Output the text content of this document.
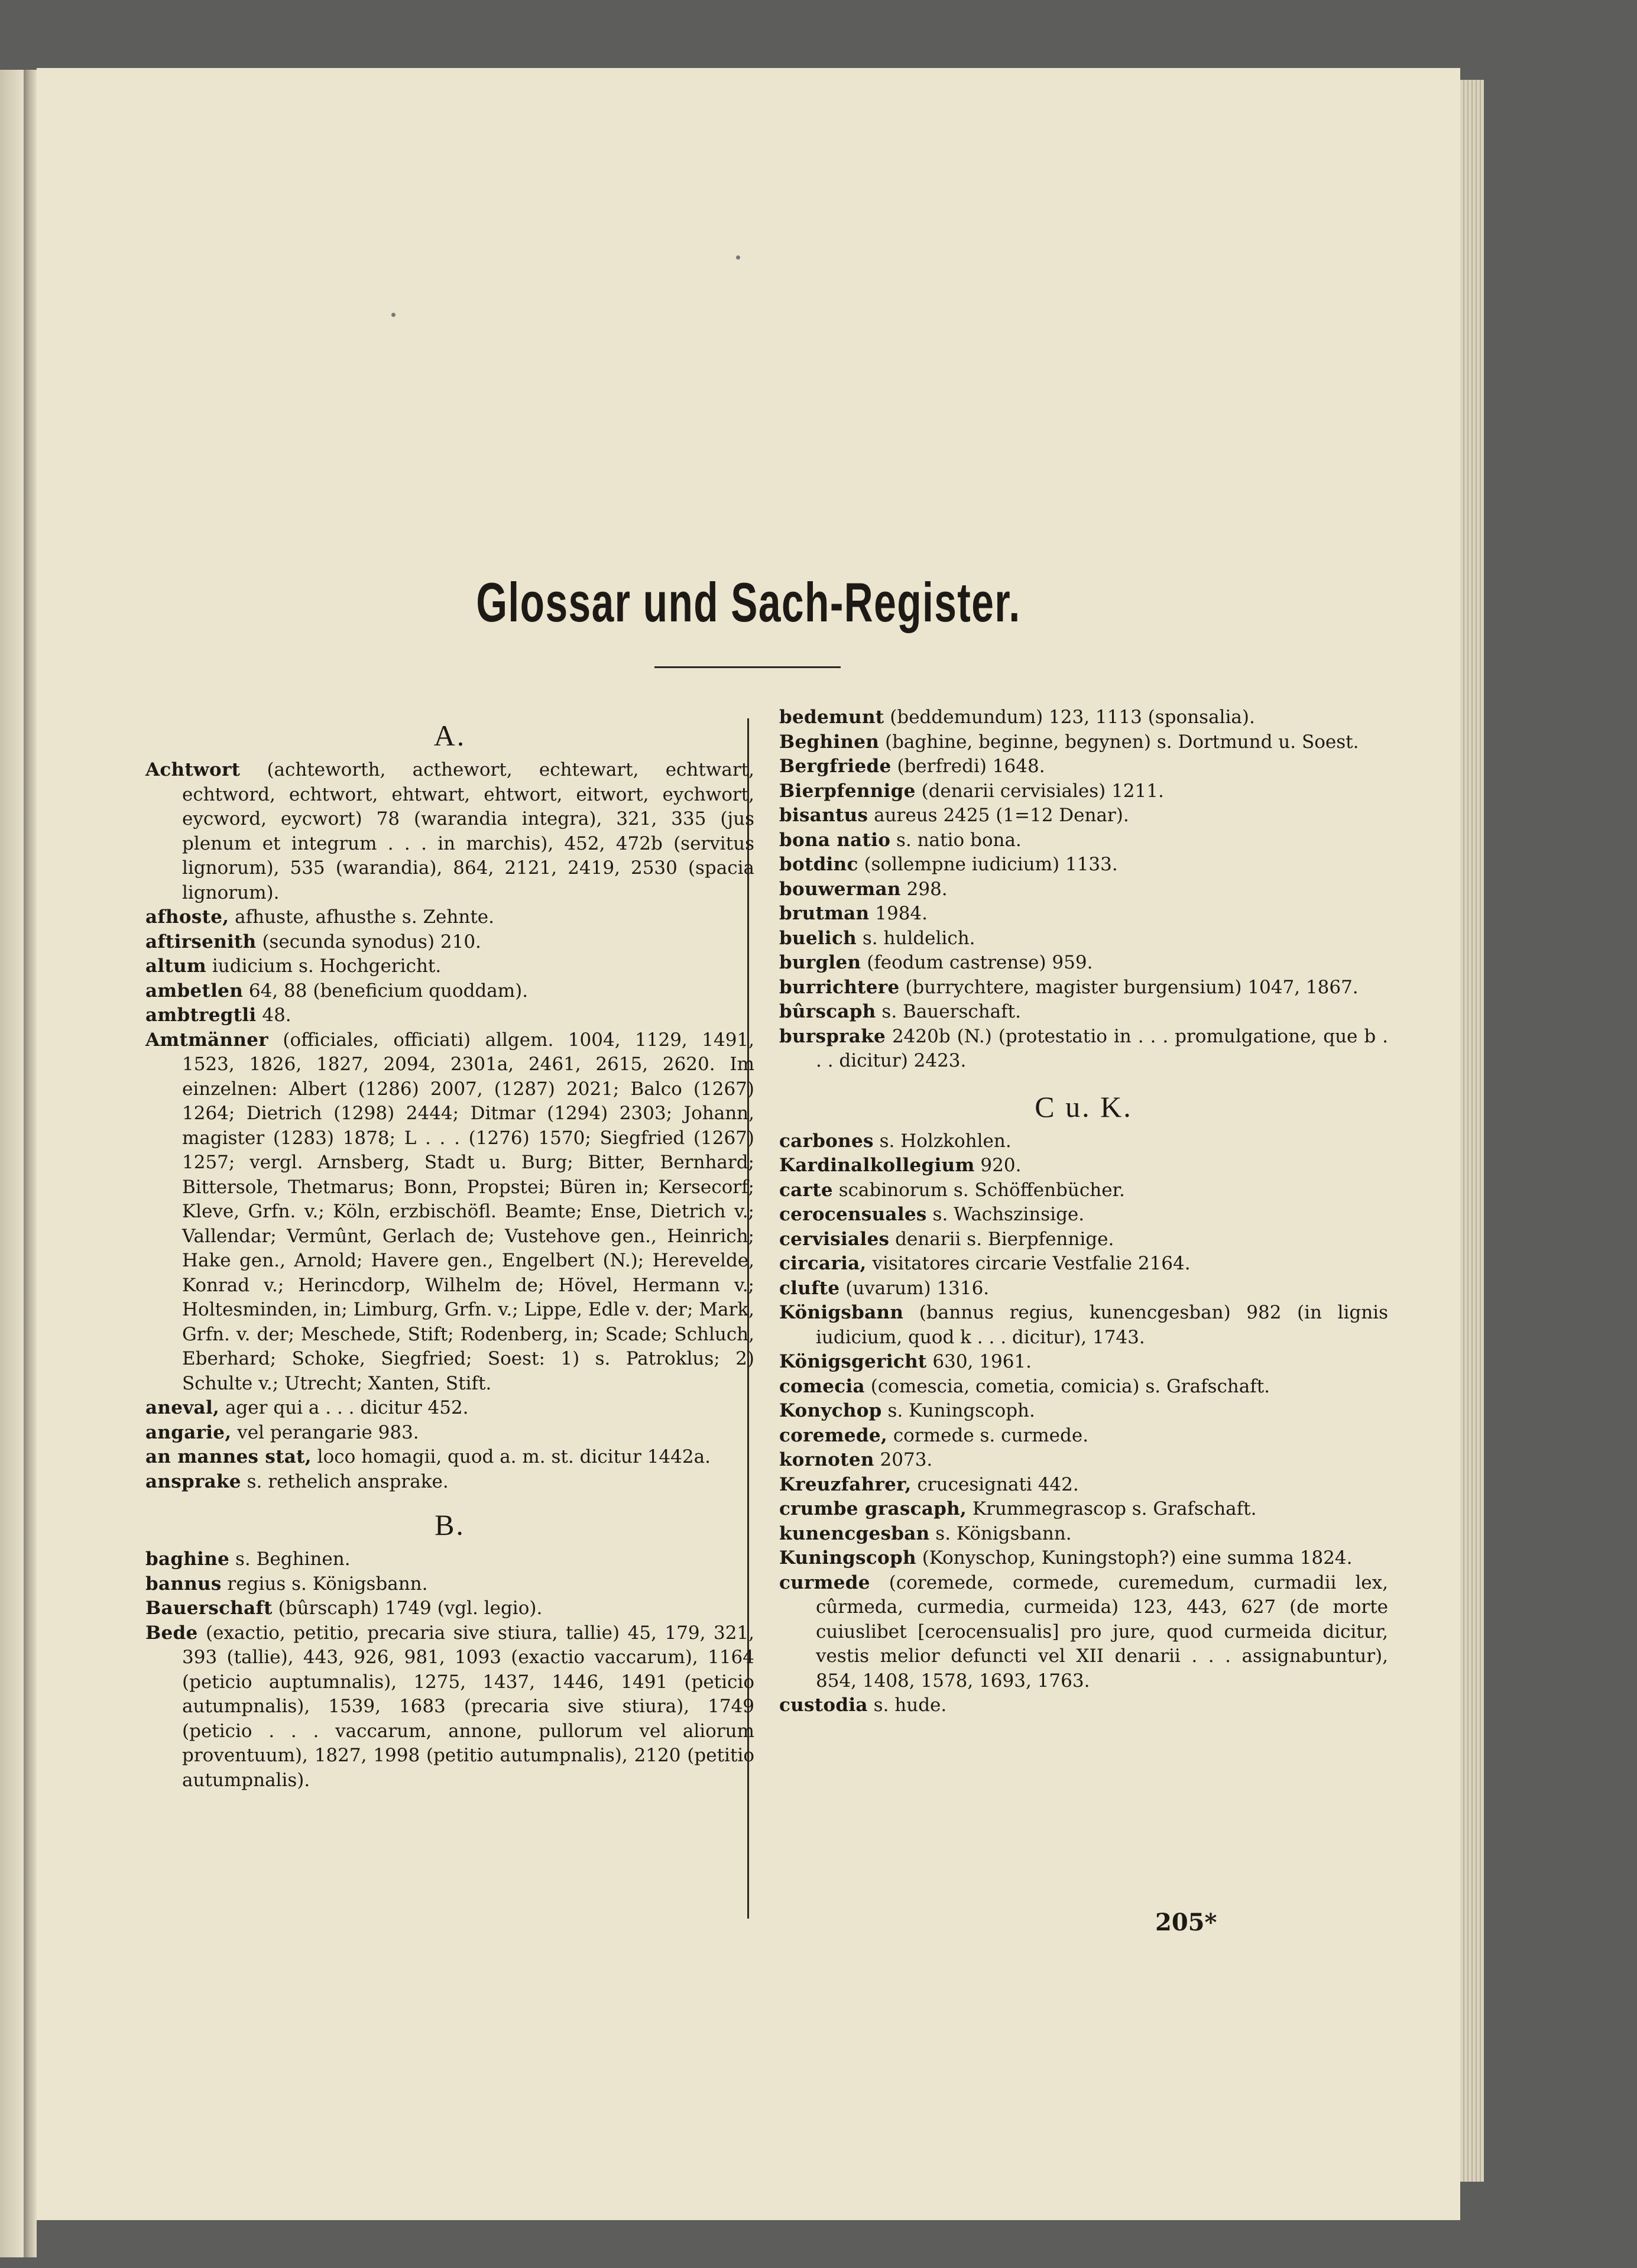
Glossar und Sach-Register.
A.

Achtwort (achteworth, acthewort, echtewart, echtwart, echtword, echtwort, ehtwart, ehtwort, eitwort, eychwort, eycword, eycwort) 78 (warandia integra), 321, 335 (jus plenum et integrum . . . in marchis), 452, 472b (servitus lignorum), 535 (warandia), 864, 2121, 2419, 2530 (spacia lignorum).

afhoste, afhuste, afhusthe s. Zehnte.

aftirsenith (secunda synodus) 210.

altum iudicium s. Hochgericht.

ambetlen 64, 88 (beneficium quoddam).

ambtregtli 48.

Amtmänner (officiales, officiati) allgem. 1004, 1129, 1491, 1523, 1826, 1827, 2094, 2301a, 2461, 2615, 2620. Im einzelnen: Albert (1286) 2007, (1287) 2021; Balco (1267) 1264; Dietrich (1298) 2444; Ditmar (1294) 2303; Johann, magister (1283) 1878; L . . . (1276) 1570; Siegfried (1267) 1257; vergl. Arnsberg, Stadt u. Burg; Bitter, Bernhard; Bittersole, Thetmarus; Bonn, Propstei; Büren in; Kersecorf; Kleve, Grfn. v.; Köln, erzbischöfl. Beamte; Ense, Dietrich v.; Vallendar; Vermûnt, Gerlach de; Vustehove gen., Heinrich; Hake gen., Arnold; Havere gen., Engelbert (N.); Herevelde, Konrad v.; Herincdorp, Wilhelm de; Hövel, Hermann v.; Holtesminden, in; Limburg, Grfn. v.; Lippe, Edle v. der; Mark, Grfn. v. der; Meschede, Stift; Rodenberg, in; Scade; Schluch, Eberhard; Schoke, Siegfried; Soest: 1) s. Patroklus; 2) Schulte v.; Utrecht; Xanten, Stift.

aneval, ager qui a . . . dicitur 452.

angarie, vel perangarie 983.

an mannes stat, loco homagii, quod a. m. st. dicitur 1442a.

ansprake s. rethelich ansprake.

B.

baghine s. Beghinen.

bannus regius s. Königsbann.

Bauerschaft (bûrscaph) 1749 (vgl. legio).

Bede (exactio, petitio, precaria sive stiura, tallie) 45, 179, 321, 393 (tallie), 443, 926, 981, 1093 (exactio vaccarum), 1164 (peticio auptumnalis), 1275, 1437, 1446, 1491 (peticio autumpnalis), 1539, 1683 (precaria sive stiura), 1749 (peticio . . . vaccarum, annone, pullorum vel aliorum proventuum), 1827, 1998 (petitio autumpnalis), 2120 (petitio autumpnalis).

bedemunt (beddemundum) 123, 1113 (sponsalia).

Beghinen (baghine, beginne, begynen) s. Dortmund u. Soest.

Bergfriede (berfredi) 1648.

Bierpfennige (denarii cervisiales) 1211.

bisantus aureus 2425 (1=12 Denar).

bona natio s. natio bona.

botdinc (sollempne iudicium) 1133.

bouwerman 298.

brutman 1984.

buelich s. huldelich.

burglen (feodum castrense) 959.

burrichtere (burrychtere, magister burgensium) 1047, 1867.

bûrscaph s. Bauerschaft.

bursprake 2420b (N.) (protestatio in . . . promulgatione, que b . . . dicitur) 2423.

C u. K.

carbones s. Holzkohlen.

Kardinalkollegium 920.

carte scabinorum s. Schöffenbücher.

cerocensuales s. Wachszinsige.

cervisiales denarii s. Bierpfennige.

circaria, visitatores circarie Vestfalie 2164.

clufte (uvarum) 1316.

Königsbann (bannus regius, kunencgesban) 982 (in lignis iudicium, quod k . . . dicitur), 1743.

Königsgericht 630, 1961.

comecia (comescia, cometia, comicia) s. Grafschaft.

Konychop s. Kuningscoph.

coremede, cormede s. curmede.

kornoten 2073.

Kreuzfahrer, crucesignati 442.

crumbe grascaph, Krummegrascop s. Grafschaft.

kunencgesban s. Königsbann.

Kuningscoph (Konyschop, Kuningstoph?) eine summa 1824.

curmede (coremede, cormede, curemedum, curmadii lex, cûrmeda, curmedia, curmeida) 123, 443, 627 (de morte cuiuslibet [cerocensualis] pro jure, quod curmeida dicitur, vestis melior defuncti vel XII denarii . . . assignabuntur), 854, 1408, 1578, 1693, 1763.

custodia s. hude.

205*
